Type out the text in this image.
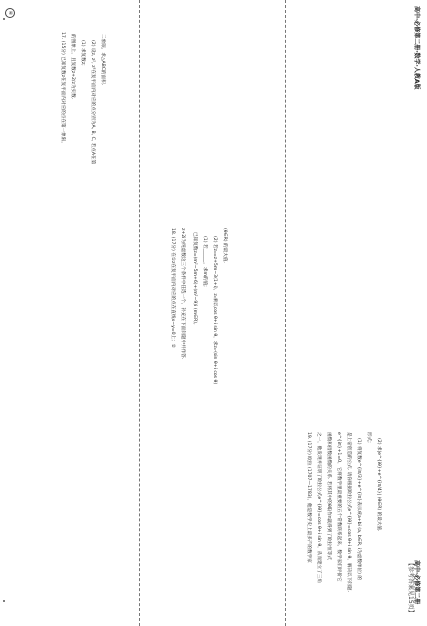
17. (15分) 已知复数z在复平面内对应的点在第一象限，	的图象上，且复数z+2/z为实数.	(1) 求复数z;	(2) 设z, z², z³在复平面内对应的点分别为A, B, C, 若点A在第	二象限，求△ABC的面积.
18. (17分) 在①z在复平面内对应的点在直线x−y=0上；②	z+2i为纯虚数这三个条件中任选一个，补充在下面问题中并作答.	已知复数z=(m²−5m+6)+(m²−9)i (m∈R),	(1) 若______，求m的值;	(2) 若z₀=z+5m−3(1+i)，z₀乘以cos θ+i sin θ，求z₀·(sin θ+i cos θ)	(θ∈R) 的最大值.
19. (17分) 欧拉 (1707—1783)，他是数学史上最多产的数学家	之一，他发现并证明了欧拉公式e^{iθ}=cos θ+i sin θ，从而建立了三角	函数和指数函数的关系. 若将其中的θ取作π就得到了欧拉恒等式	e^{iπ}+1=0，它将数学里最重要的五个常数联系起来，数学家们评价它	是上帝创造的公式. 请你根据欧拉公式e^{iθ}=cos θ+i sin θ，解决以下问题.	(1) 将复数e^{iπ/3}+e^{iπ}表示成a+bi (a, b∈R, i为虚数单位) 的
形式;
(2) 求|e^{iθ}+e^{iπ/4}| (θ∈R) 的最大值.
【参考答案见15页】
高中·必修第二册·数学·人教A版
高中·必修第二册
④
